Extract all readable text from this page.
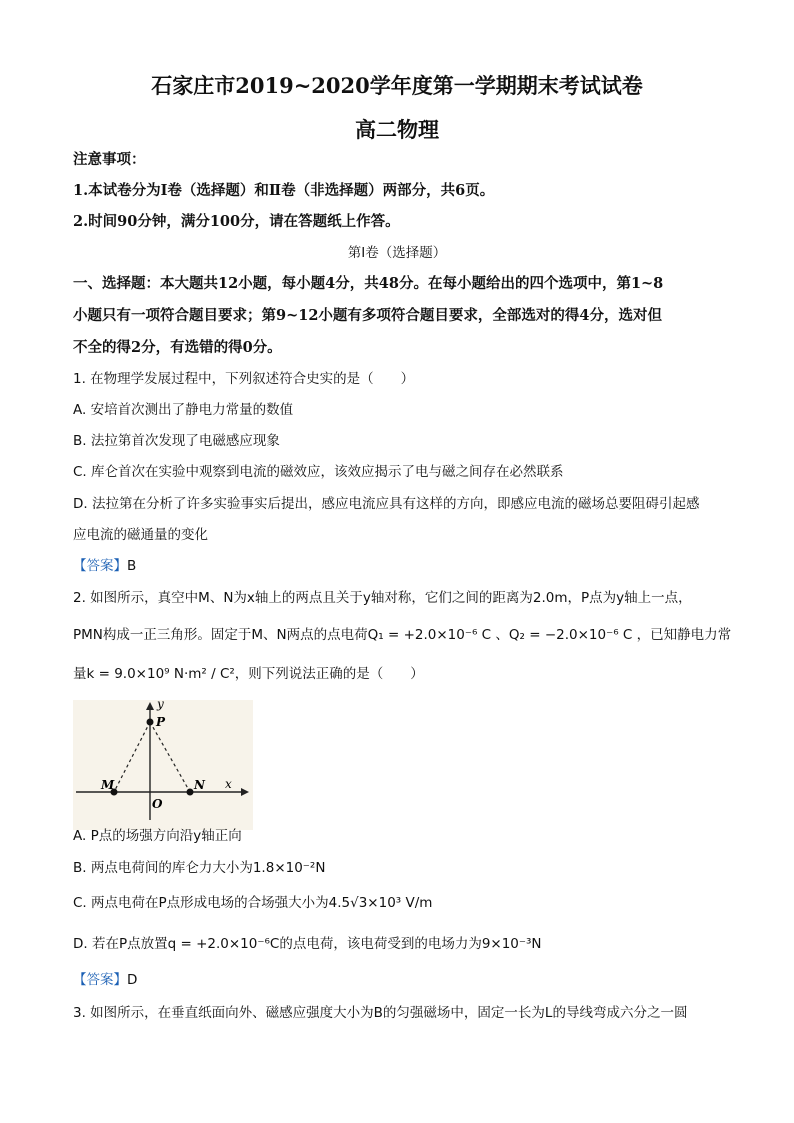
石家庄市2019~2020学年度第一学期期末考试试卷
高二物理
注意事项：
1.本试卷分为Ⅰ卷（选择题）和Ⅱ卷（非选择题）两部分，共6页。
2.时间90分钟，满分100分，请在答题纸上作答。
第Ⅰ卷（选择题）
一、选择题：本大题共12小题，每小题4分，共48分。在每小题给出的四个选项中，第1~8
小题只有一项符合题目要求；第9~12小题有多项符合题目要求，全部选对的得4分，选对但
不全的得2分，有选错的得0分。
1. 在物理学发展过程中，下列叙述符合史实的是（　　）
A. 安培首次测出了静电力常量的数值
B. 法拉第首次发现了电磁感应现象
C. 库仑首次在实验中观察到电流的磁效应，该效应揭示了电与磁之间存在必然联系
D. 法拉第在分析了许多实验事实后提出，感应电流应具有这样的方向，即感应电流的磁场总要阻碍引起感
应电流的磁通量的变化
【答案】B
2. 如图所示，真空中M、N为x轴上的两点且关于y轴对称，它们之间的距离为2.0m，P点为y轴上一点，
PMN构成一正三角形。固定于M、N两点的点电荷Q₁ = +2.0×10⁻⁶ C 、Q₂ = −2.0×10⁻⁶ C ，已知静电力常
量k = 9.0×10⁹ N·m² / C²，则下列说法正确的是（　　）
y
P
M	N
O
x
A. P点的场强方向沿y轴正向
B. 两点电荷间的库仑力大小为1.8×10⁻²N
C. 两点电荷在P点形成电场的合场强大小为4.5√3×10³ V/m
D. 若在P点放置q = +2.0×10⁻⁶C的点电荷，该电荷受到的电场力为9×10⁻³N
【答案】D
3. 如图所示，在垂直纸面向外、磁感应强度大小为B的匀强磁场中，固定一长为L的导线弯成六分之一圆
